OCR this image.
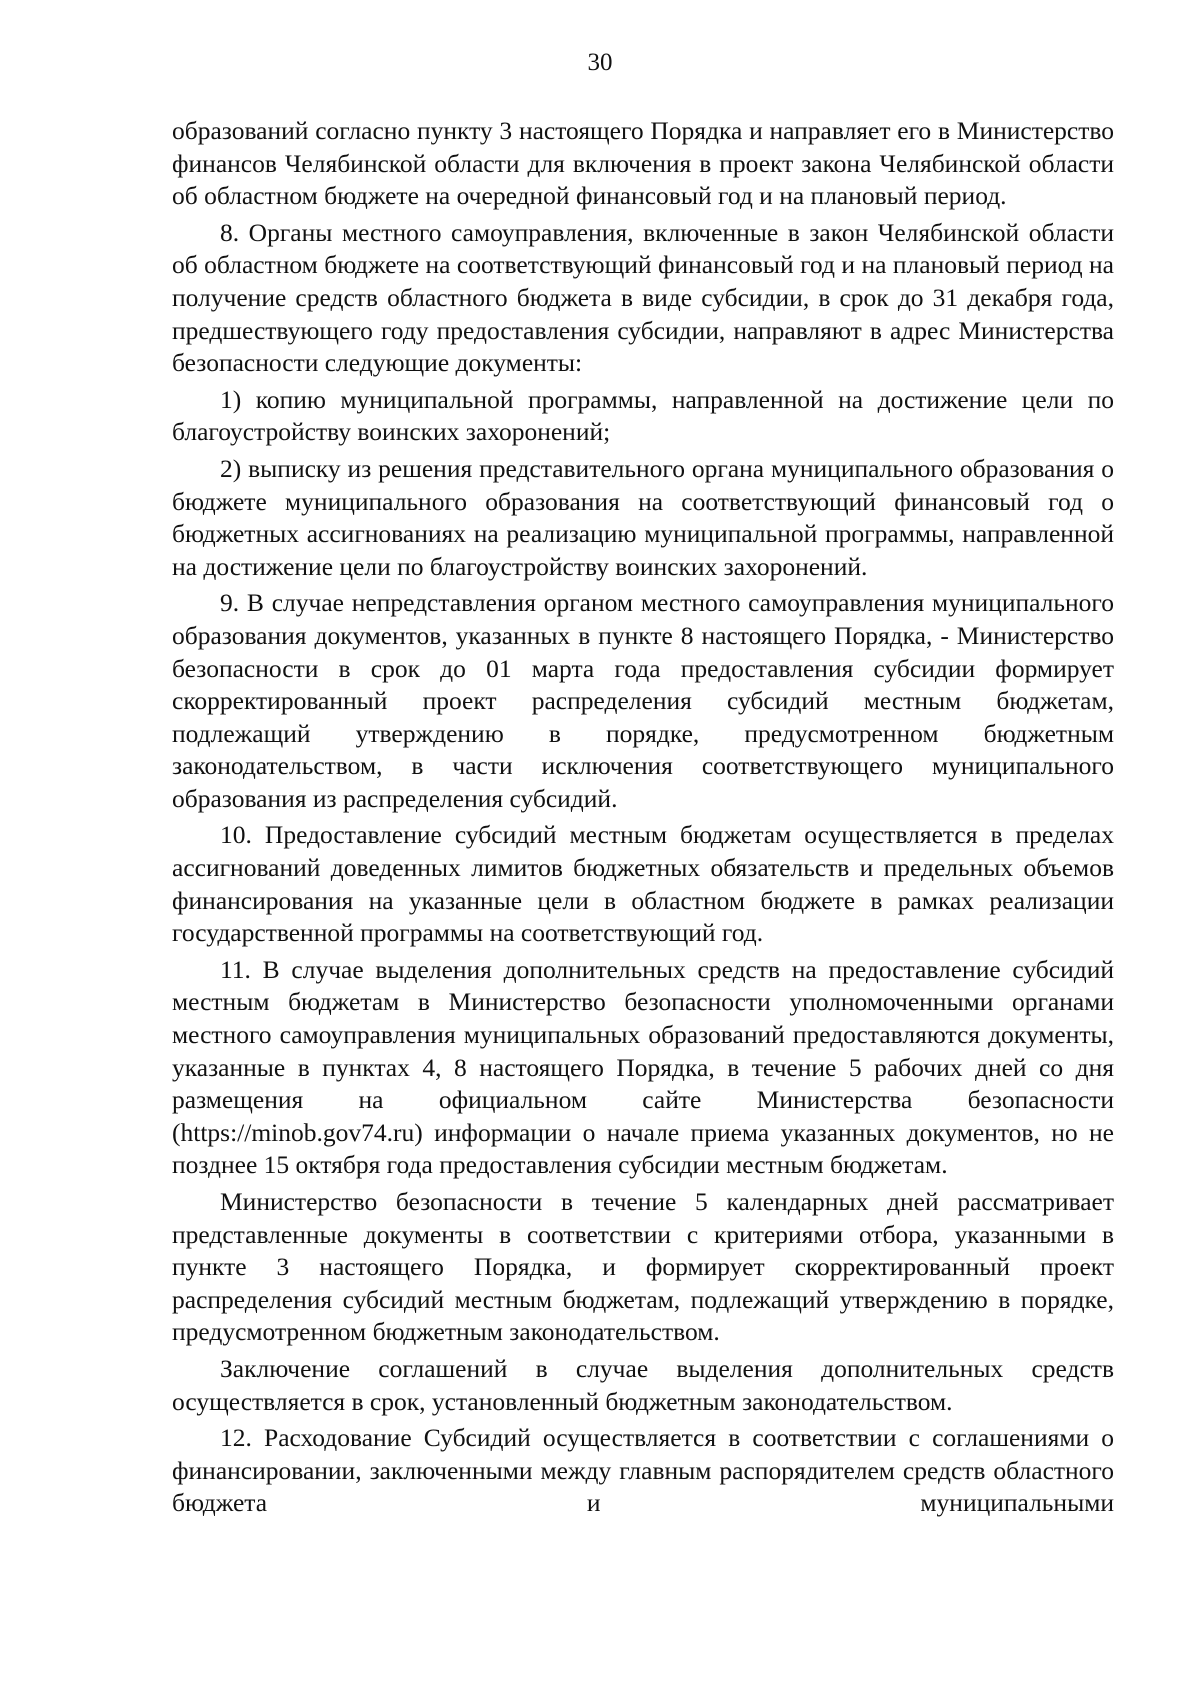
30

образований согласно пункту 3 настоящего Порядка и направляет его в Министерство финансов Челябинской области для включения в проект закона Челябинской области об областном бюджете на очередной финансовый год и на плановый период.

8. Органы местного самоуправления, включенные в закон Челябинской области об областном бюджете на соответствующий финансовый год и на плановый период на получение средств областного бюджета в виде субсидии, в срок до 31 декабря года, предшествующего году предоставления субсидии, направляют в адрес Министерства безопасности следующие документы:

1) копию муниципальной программы, направленной на достижение цели по благоустройству воинских захоронений;

2) выписку из решения представительного органа муниципального образования о бюджете муниципального образования на соответствующий финансовый год о бюджетных ассигнованиях на реализацию муниципальной программы, направленной на достижение цели по благоустройству воинских захоронений.

9. В случае непредставления органом местного самоуправления муниципального образования документов, указанных в пункте 8 настоящего Порядка, - Министерство безопасности в срок до 01 марта года предоставления субсидии формирует скорректированный проект распределения субсидий местным бюджетам, подлежащий утверждению в порядке, предусмотренном бюджетным законодательством, в части исключения соответствующего муниципального образования из распределения субсидий.

10. Предоставление субсидий местным бюджетам осуществляется в пределах ассигнований доведенных лимитов бюджетных обязательств и предельных объемов финансирования на указанные цели в областном бюджете в рамках реализации государственной программы на соответствующий год.

11. В случае выделения дополнительных средств на предоставление субсидий местным бюджетам в Министерство безопасности уполномоченными органами местного самоуправления муниципальных образований предоставляются документы, указанные в пунктах 4, 8 настоящего Порядка, в течение 5 рабочих дней со дня размещения на официальном сайте Министерства безопасности (https://minob.gov74.ru) информации о начале приема указанных документов, но не позднее 15 октября года предоставления субсидии местным бюджетам.

Министерство безопасности в течение 5 календарных дней рассматривает представленные документы в соответствии с критериями отбора, указанными в пункте 3 настоящего Порядка, и формирует скорректированный проект распределения субсидий местным бюджетам, подлежащий утверждению в порядке, предусмотренном бюджетным законодательством.

Заключение соглашений в случае выделения дополнительных средств осуществляется в срок, установленный бюджетным законодательством.

12. Расходование Субсидий осуществляется в соответствии с соглашениями о финансировании, заключенными между главным распорядителем средств областного бюджета и муниципальными
